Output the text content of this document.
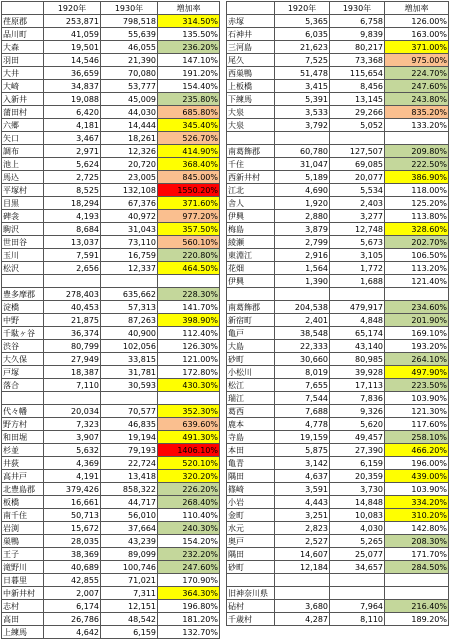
	1920年	1930年	増加率
荏原郡	253,871	798,518	314.50%
品川町	41,059	55,639	135.50%
大森	19,501	46,055	236.20%
羽田	14,546	21,390	147.10%
大井	36,659	70,080	191.20%
大崎	34,837	53,777	154.40%
入新井	19,088	45,009	235.80%
蒲田村	6,420	44,030	685.80%
六郷	4,181	14,444	345.40%
矢口	3,467	18,261	526.70%
調布	2,971	12,326	414.90%
池上	5,624	20,720	368.40%
馬込	2,725	23,005	845.00%
平塚村	8,525	132,108	1550.20%
目黒	18,294	67,376	371.60%
碑衾	4,193	40,972	977.20%
駒沢	8,684	31,043	357.50%
世田谷	13,037	73,110	560.10%
玉川	7,591	16,759	220.80%
松沢	2,656	12,337	464.50%

豊多摩郡	278,403	635,662	228.30%
淀橋	40,453	57,313	141.70%
中野	21,875	87,263	398.90%
千駄ヶ谷	36,374	40,900	112.40%
渋谷	80,799	102,056	126.30%
大久保	27,949	33,815	121.00%
戸塚	18,387	31,781	172.80%
落合	7,110	30,593	430.30%

代々幡	20,034	70,577	352.30%
野方村	7,323	46,835	639.60%
和田堀	3,907	19,194	491.30%
杉並	5,632	79,193	1406.10%
井荻	4,369	22,724	520.10%
高井戸	4,191	13,418	320.20%
北豊島郡	379,426	858,322	226.20%
板橋	16,661	44,717	268.40%
南千住	50,713	56,010	110.40%
岩渕	15,672	37,664	240.30%
巣鴨	28,035	43,239	154.20%
王子	38,369	89,099	232.20%
滝野川	40,689	100,746	247.60%
日暮里	42,855	71,021	170.90%
中新井村	2,007	7,311	364.30%
志村	6,174	12,151	196.80%
高田	26,786	48,542	181.20%
上練馬	4,642	6,159	132.70%
	1920年	1930年	増加率
赤塚	5,365	6,758	126.00%
石神井	6,035	9,839	163.00%
三河島	21,623	80,217	371.00%
尾久	7,525	73,368	975.00%
西巣鴨	51,478	115,654	224.70%
上板橋	3,415	8,456	247.60%
下練馬	5,391	13,145	243.80%
大泉	3,533	29,266	835.20%
大泉	3,792	5,052	133.20%

南葛飾郡	60,780	127,507	209.80%
千住	31,047	69,085	222.50%
西新井村	5,189	20,077	386.90%
江北	4,690	5,534	118.00%
舎人	1,920	2,403	125.20%
伊興	2,880	3,277	113.80%
梅島	3,879	12,748	328.60%
綾瀬	2,799	5,673	202.70%
東淵江	2,916	3,105	106.50%
花畑	1,564	1,772	113.20%
伊興	1,390	1,688	121.40%

南葛飾郡	204,538	479,917	234.60%
新宿町	2,401	4,848	201.90%
亀戸	38,548	65,174	169.10%
大島	22,333	43,140	193.20%
砂町	30,660	80,985	264.10%
小松川	8,019	39,928	497.90%
松江	7,655	17,113	223.50%
瑞江	7,544	7,836	103.90%
葛西	7,688	9,326	121.30%
鹿本	4,778	5,620	117.60%
寺島	19,159	49,457	258.10%
本田	5,875	27,390	466.20%
亀青	3,142	6,159	196.00%
隅田	4,637	20,359	439.00%
篠崎	3,591	3,730	103.90%
小岩	4,443	14,848	334.20%
金町	3,251	10,083	310.20%
水元	2,823	4,030	142.80%
奥戸	2,527	5,265	208.30%
隅田	14,607	25,077	171.70%
砂町	12,184	34,657	284.50%

旧神奈川県			
砧村	3,680	7,964	216.40%
千歳村	4,287	8,110	189.20%
